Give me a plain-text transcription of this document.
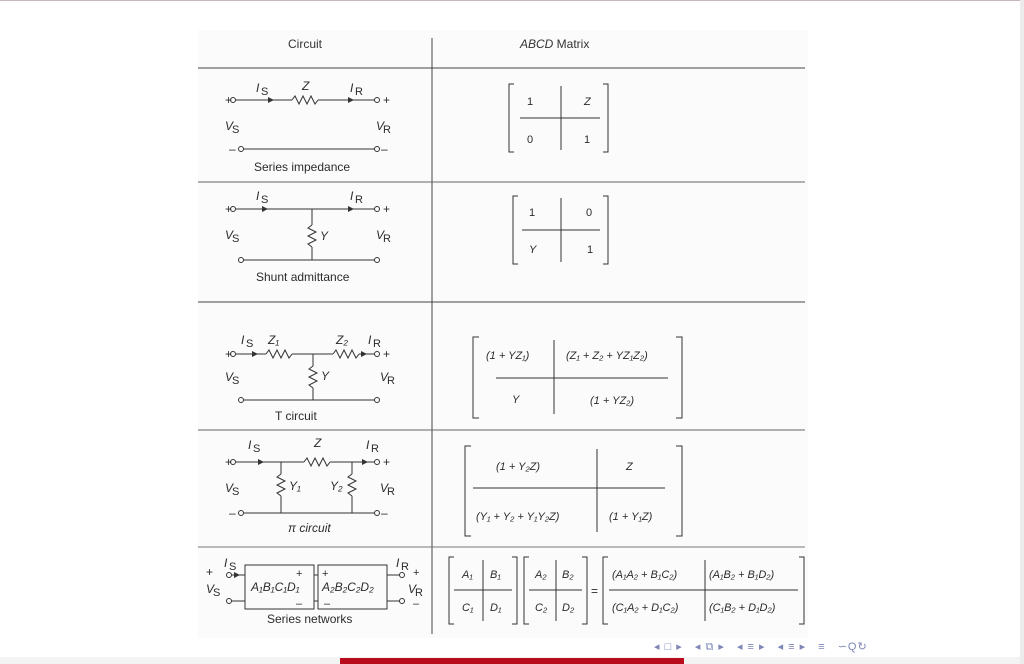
Circuit	ABCD Matrix
+	+
–	–
I S	Z	I R
V
S	V
R
Series impedance
1	Z
0	1
+	+
I S	I R
Y
V
S	V
R
Shunt admittance
1	0
Y	1
+	+
I S Z₁	Z₂ I R
Y
V
S	V
R
T circuit
(1 + YZ₁)	(Z₁ + Z₂ + YZ₁Z₂)
Y	(1 + YZ₂)
+	+
–	–
I S	Z	I R
Y₁ Y₂
V
S	V
R
π circuit
(1 + Y₂Z)	Z
(Y₁ + Y₂ + Y₁Y₂Z)	(1 + Y₁Z)
+
I S
V
S	A₁B₁C₁D₁ A₂B₂C₂D₂
+ +
– –
I R
V
R
+
–
Series networks
A₁ B₁
C₁ D₁
A₂ B₂
C₂ D₂
=
(A₁A₂ + B₁C₂)	(A₁B₂ + B₁D₂)
(C₁A₂ + D₁C₂)	(C₁B₂ + D₁D₂)
◂ □ ▸ ◂ ⧉ ▸ ◂ ≡ ▸ ◂ ≡ ▸ ≡ ∽Q↻
